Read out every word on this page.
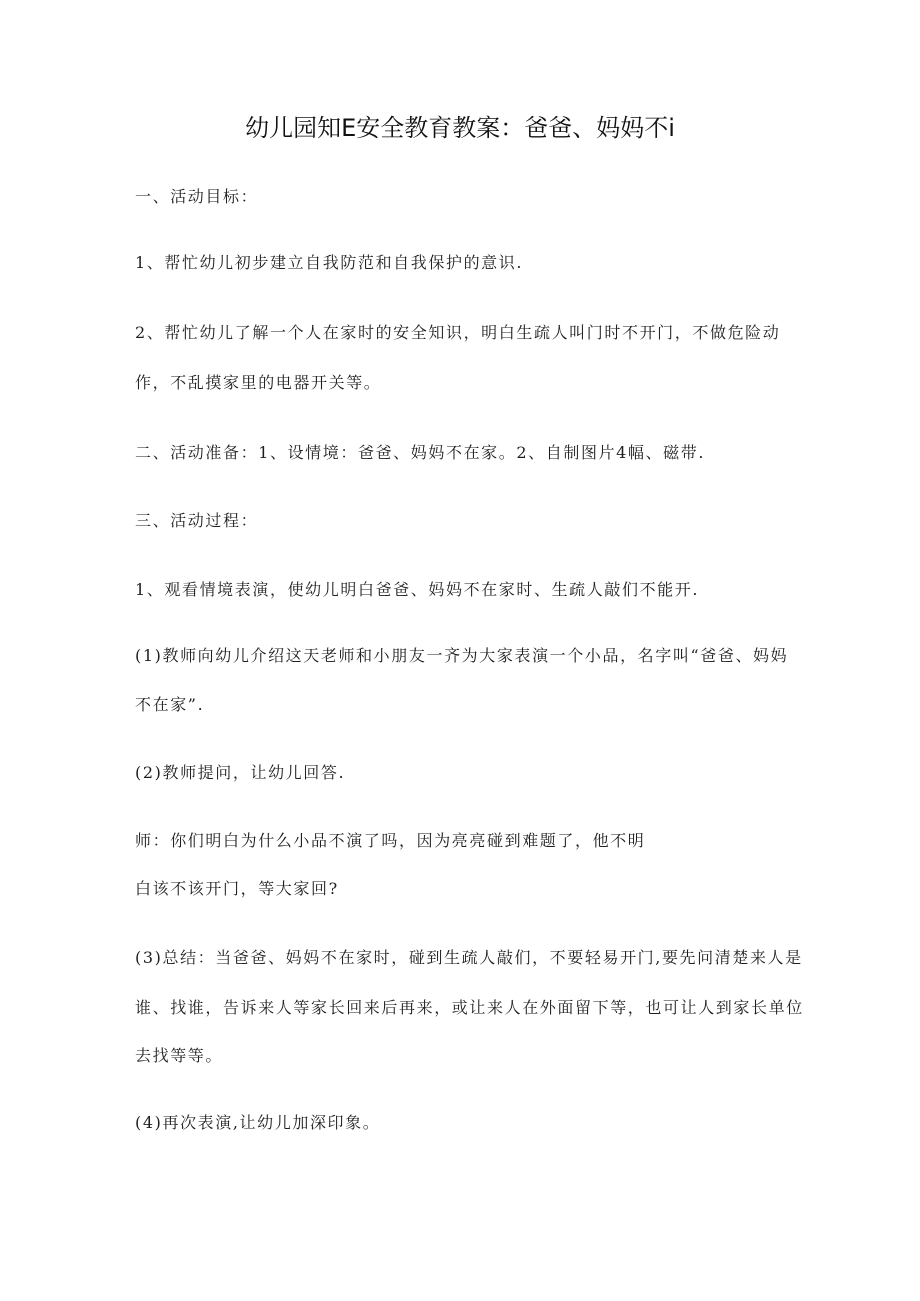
幼儿园知E安全教育教案：爸爸、妈妈不i
一、活动目标：
1、帮忙幼儿初步建立自我防范和自我保护的意识.
2、帮忙幼儿了解一个人在家时的安全知识，明白生疏人叫门时不开门，不做危险动
作，不乱摸家里的电器开关等。
二、活动准备：1、设情境：爸爸、妈妈不在家。2、自制图片4幅、磁带.
三、活动过程：
1、观看情境表演，使幼儿明白爸爸、妈妈不在家时、生疏人敲们不能开.
(1)教师向幼儿介绍这天老师和小朋友一齐为大家表演一个小品，名字叫“爸爸、妈妈
不在家”.
(2)教师提问，让幼儿回答.
师：你们明白为什么小品不演了吗，因为亮亮碰到难题了，他不明
白该不该开门，等大家回?
(3)总结：当爸爸、妈妈不在家时，碰到生疏人敲们，不要轻易开门,要先问清楚来人是
谁、找谁，告诉来人等家长回来后再来，或让来人在外面留下等，也可让人到家长单位
去找等等。
(4)再次表演,让幼儿加深印象。
